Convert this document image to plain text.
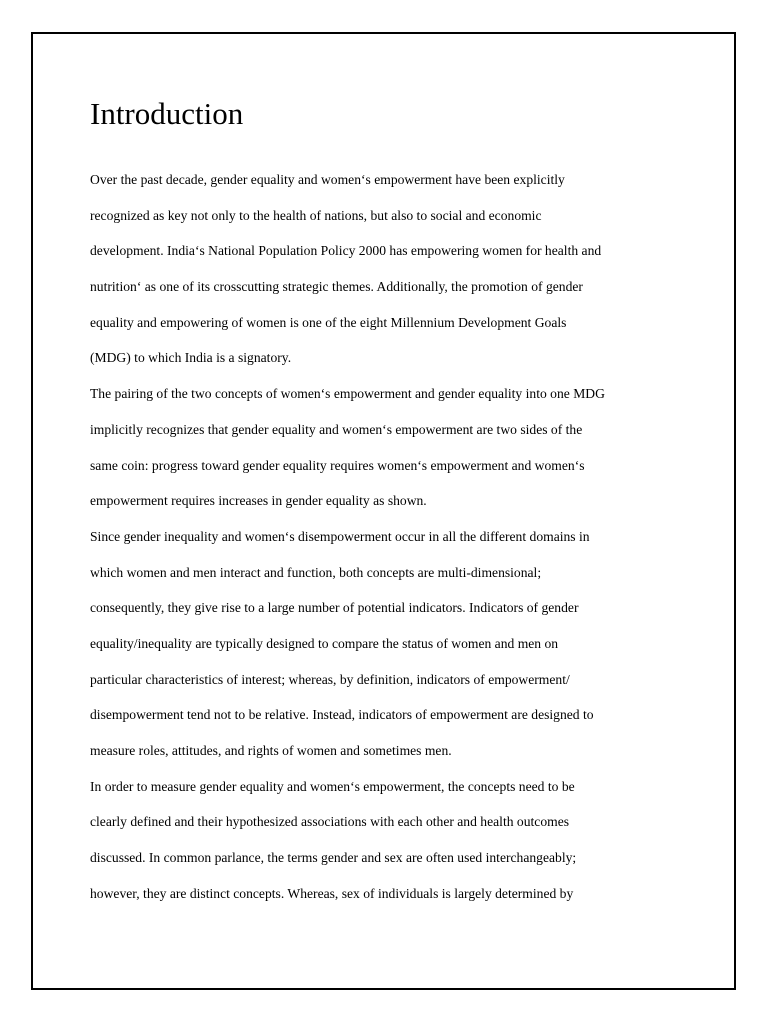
Introduction
Over the past decade, gender equality and women‘s empowerment have been explicitly
recognized as key not only to the health of nations, but also to social and economic
development. India‘s National Population Policy 2000 has empowering women for health and
nutrition‘ as one of its crosscutting strategic themes. Additionally, the promotion of gender
equality and empowering of women is one of the eight Millennium Development Goals
(MDG) to which India is a signatory.
The pairing of the two concepts of women‘s empowerment and gender equality into one MDG
implicitly recognizes that gender equality and women‘s empowerment are two sides of the
same coin: progress toward gender equality requires women‘s empowerment and women‘s
empowerment requires increases in gender equality as shown.
Since gender inequality and women‘s disempowerment occur in all the different domains in
which women and men interact and function, both concepts are multi-dimensional;
consequently, they give rise to a large number of potential indicators. Indicators of gender
equality/inequality are typically designed to compare the status of women and men on
particular characteristics of interest; whereas, by definition, indicators of empowerment/
disempowerment tend not to be relative. Instead, indicators of empowerment are designed to
measure roles, attitudes, and rights of women and sometimes men.
In order to measure gender equality and women‘s empowerment, the concepts need to be
clearly defined and their hypothesized associations with each other and health outcomes
discussed. In common parlance, the terms gender and sex are often used interchangeably;
however, they are distinct concepts. Whereas, sex of individuals is largely determined by
